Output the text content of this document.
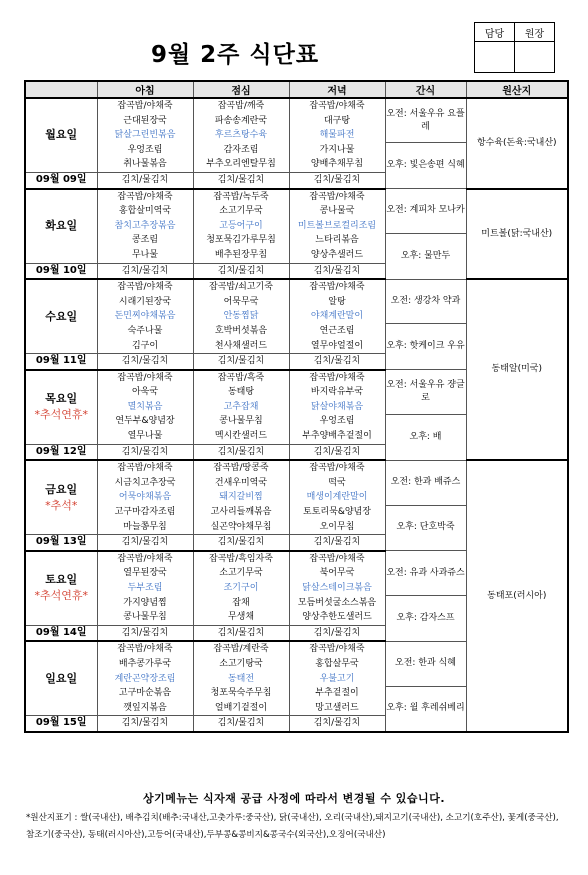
9월 2주 식단표
담당	원장

	아침	점심	저녁	간식	원산지

월요일	잡곡밥/야채죽	잡곡밥/깨죽	잡곡밥/야채죽	오전: 서울우유 요플레	항수육(돈육:국내산)
	근대된장국	파송송계란국	대구탕		
	닭살그린빈볶음	후르츠탕수육	해물파전		
	우엉조림	감자조림	가지나물	오후: 빛은송편 식혜	
	취나물볶음	부추오리엔탈무침	양배추채무침		
09월 09일	김치/물김치	김치/물김치	김치/물김치		

화요일	잡곡밥/야채죽	잡곡밥/녹두죽	잡곡밥/야채죽	오전: 계피차 모나카	미트볼(닭:국내산)
	홍합살미역국	소고기무국	콩나물국		
	참치고추장볶음	고등어구이	미트볼브로컬리조림		
	콩조림	청포묵김가루무침	느타리볶음	오후: 물만두	
	무나물	배추된장무침	양상추샐러드		
09월 10일	김치/물김치	김치/물김치	김치/물김치		

수요일	잡곡밥/야채죽	잡곡밥/쇠고기죽	잡곡밥/야채죽	오전: 생강차 약과	동태알(미국)
	시래기된장국	어묵무국	알탕		
	돈민찌야채볶음	안동찜닭	야채계란말이		
	숙주나물	호박버섯볶음	연근조림	오후: 핫케이크 우유	
	김구이	천사채샐러드	열무야얼절이		
09월 11일	김치/물김치	김치/물김치	김치/물김치		

목요일
*추석연휴*	잡곡밥/야채죽	잡곡밥/흑죽	잡곡밥/야채죽	오전: 서울우유 쟝글로	
	아욱국	동태탕	바지락유부국		
	멸치볶음	고추잡채	닭살야채볶음		
	연두부&양념장	콩나물무침	우엉조림	오후: 배	
	열무나물	멕시칸샐러드	부추양배추겉절이		
09월 12일	김치/물김치	김치/물김치	김치/물김치		

금요일
*추석*	잡곡밥/야채죽	잡곡밥/땅콩죽	잡곡밥/야채죽	오전: 한과 배쥬스	동태포(러시아)
	시금치고추장국	건새우미역국	떡국		
	어묵야채볶음	돼지갈비찜	매생이계란말이		
	고구마감자조림	고사리들깨볶음	토토리묵&양념장	오후: 단호박죽	
	마늘쫑무침	실곤약야채무침	오이무침		
09월 13일	김치/물김치	김치/물김치	김치/물김치		

토요일
*추석연휴*	잡곡밥/야채죽	잡곡밥/흑임자죽	잡곡밥/야채죽	오전: 유과 사과쥬스	
	열무된장국	소고기무국	북어무국		
	두부조림	조기구이	닭살스테이크볶음		
	가지양념찜	잡채	모듬버섯굴소스볶음	오후: 감자스프	
	콩나물무침	무생채	양상추한도샐러드		
09월 14일	김치/물김치	김치/물김치	김치/물김치		

일요일	잡곡밥/야채죽	잡곡밥/계란죽	잡곡밥/야채죽	오전: 한과 식혜	
	배추콩가루국	소고기탕국	홍합살무국		
	계란곤약장조림	동태전	우불고기		
	고구마순볶음	청포묵숙주무침	부추겉절이	오후: 윌 후레쉬베리	
	깻잎지볶음	얼배기겉절이	망고샐러드		
09월 15일	김치/물김치	김치/물김치	김치/물김치		
상기메뉴는 식자재 공급 사정에 따라서 변경될 수 있습니다.
*원산지표기 : 쌀(국내산), 배추김치(배추:국내산,고춧가루:중국산), 닭(국내산), 오리(국내산),돼지고기(국내산), 소고기(호주산), 꽃게(중국산),참조기(중국산), 동태(러시아산),고등어(국내산),두부콩&콩비지&콩국수(외국산),오징어(국내산)
